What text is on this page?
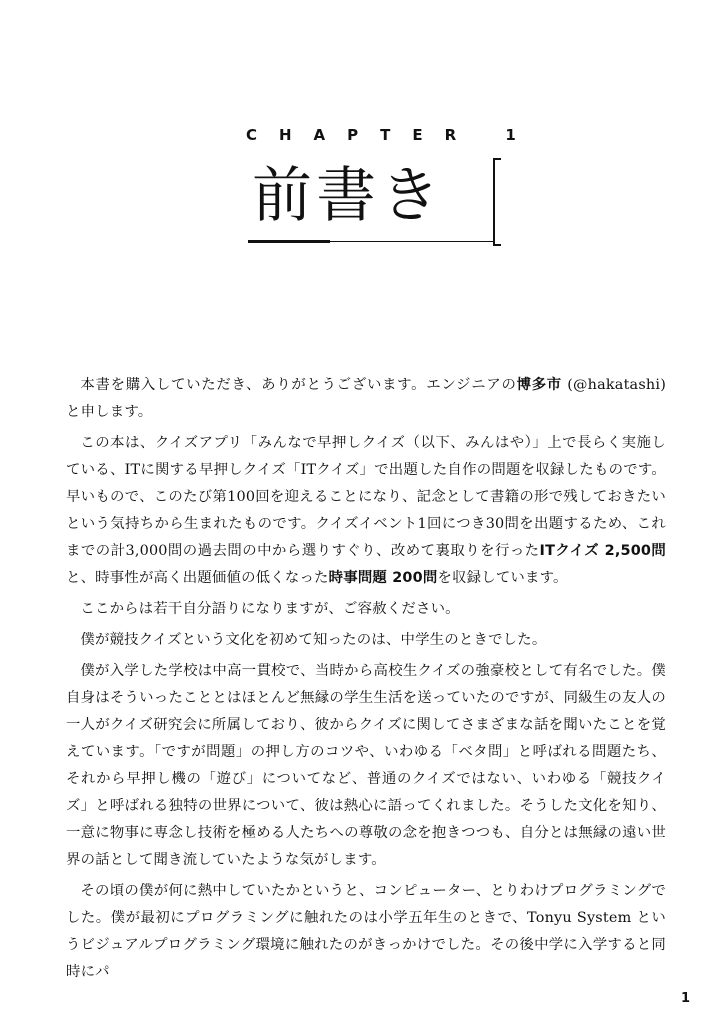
CHAPTER 1
前書き

本書を購入していただき、ありがとうございます。エンジニアの博多市 (@hakatashi) と申します。

この本は、クイズアプリ「みんなで早押しクイズ（以下、みんはや）」上で長らく実施している、ITに関する早押しクイズ「ITクイズ」で出題した自作の問題を収録したものです。早いもので、このたび第100回を迎えることになり、記念として書籍の形で残しておきたいという気持ちから生まれたものです。クイズイベント1回につき30問を出題するため、これまでの計3,000問の過去問の中から選りすぐり、改めて裏取りを行ったITクイズ 2,500問と、時事性が高く出題価値の低くなった時事問題 200問を収録しています。

ここからは若干自分語りになりますが、ご容赦ください。

僕が競技クイズという文化を初めて知ったのは、中学生のときでした。

僕が入学した学校は中高一貫校で、当時から高校生クイズの強豪校として有名でした。僕自身はそういったこととはほとんど無縁の学生生活を送っていたのですが、同級生の友人の一人がクイズ研究会に所属しており、彼からクイズに関してさまざまな話を聞いたことを覚えています。「ですが問題」の押し方のコツや、いわゆる「ベタ問」と呼ばれる問題たち、それから早押し機の「遊び」についてなど、普通のクイズではない、いわゆる「競技クイズ」と呼ばれる独特の世界について、彼は熱心に語ってくれました。そうした文化を知り、一意に物事に専念し技術を極める人たちへの尊敬の念を抱きつつも、自分とは無縁の遠い世界の話として聞き流していたような気がします。

その頃の僕が何に熱中していたかというと、コンピューター、とりわけプログラミングでした。僕が最初にプログラミングに触れたのは小学五年生のときで、Tonyu System というビジュアルプログラミング環境に触れたのがきっかけでした。その後中学に入学すると同時にパ

1
